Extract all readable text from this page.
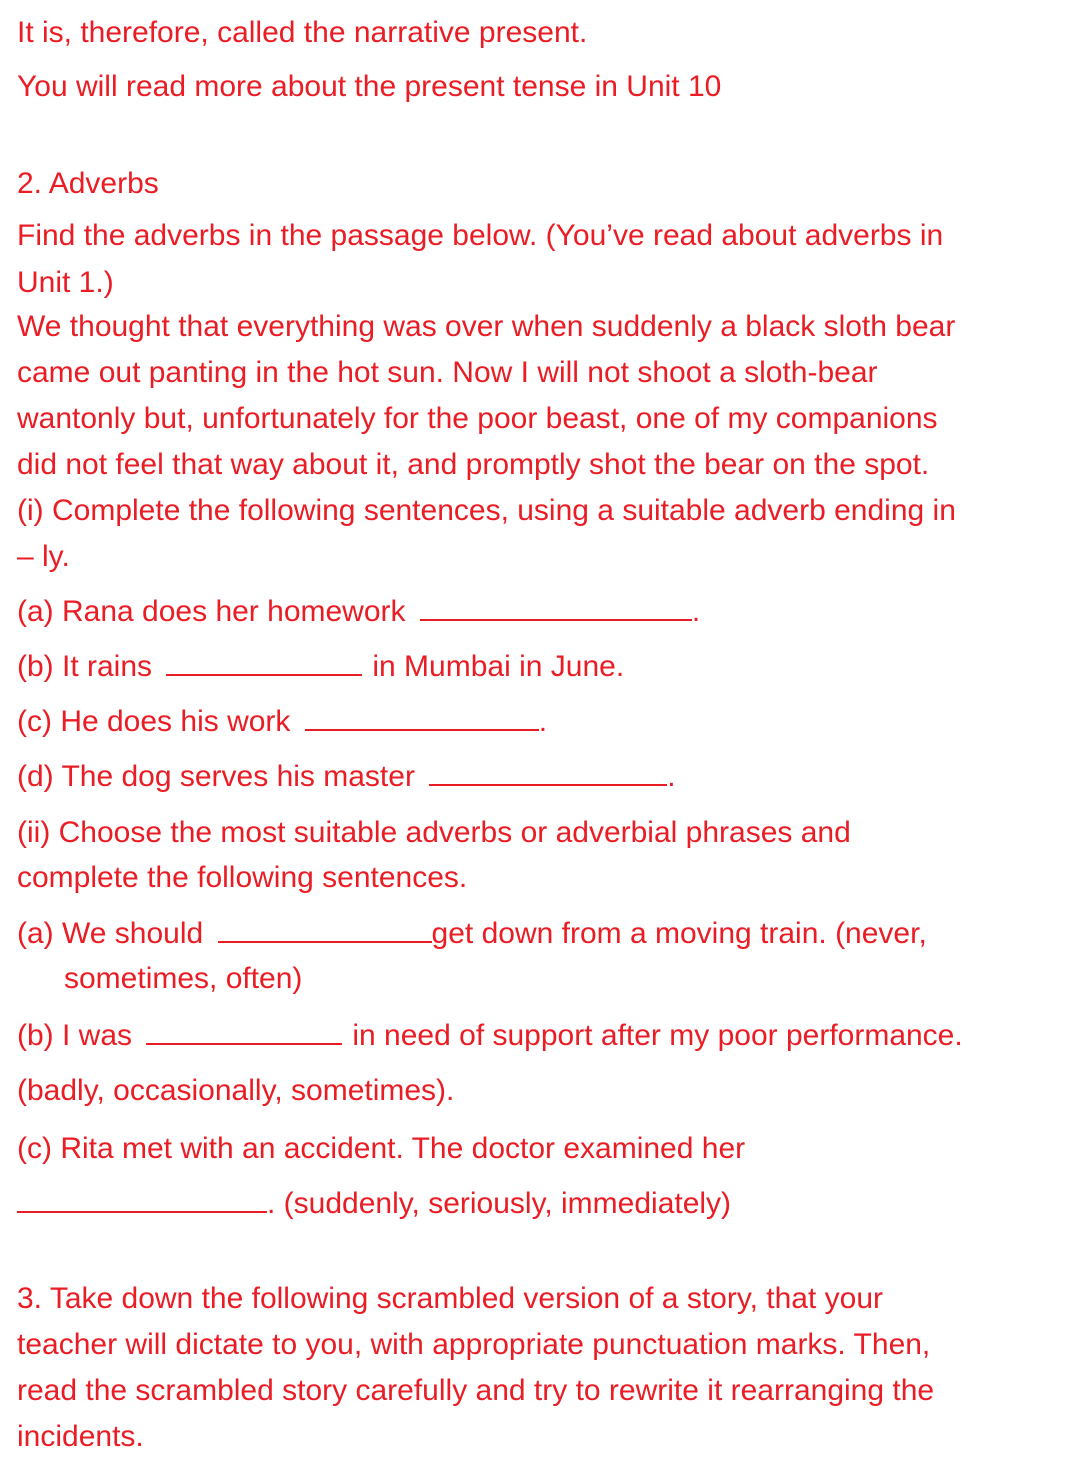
It is, therefore, called the narrative present.
You will read more about the present tense in Unit 10
2. Adverbs
Find the adverbs in the passage below. (You’ve read about adverbs in
Unit 1.)
We thought that everything was over when suddenly a black sloth bear
came out panting in the hot sun. Now I will not shoot a sloth-bear
wantonly but, unfortunately for the poor beast, one of my companions
did not feel that way about it, and promptly shot the bear on the spot.
(i) Complete the following sentences, using a suitable adverb ending in
– ly.
(a) Rana does her homework	.
(b) It rains	in Mumbai in June.
(c) He does his work	.
(d) The dog serves his master	.
(ii) Choose the most suitable adverbs or adverbial phrases and
complete the following sentences.
(a) We should	get down from a moving train. (never,
sometimes, often)
(b) I was	in need of support after my poor performance.
(badly, occasionally, sometimes).
(c) Rita met with an accident. The doctor examined her
. (suddenly, seriously, immediately)
3. Take down the following scrambled version of a story, that your
teacher will dictate to you, with appropriate punctuation marks. Then,
read the scrambled story carefully and try to rewrite it rearranging the
incidents.
